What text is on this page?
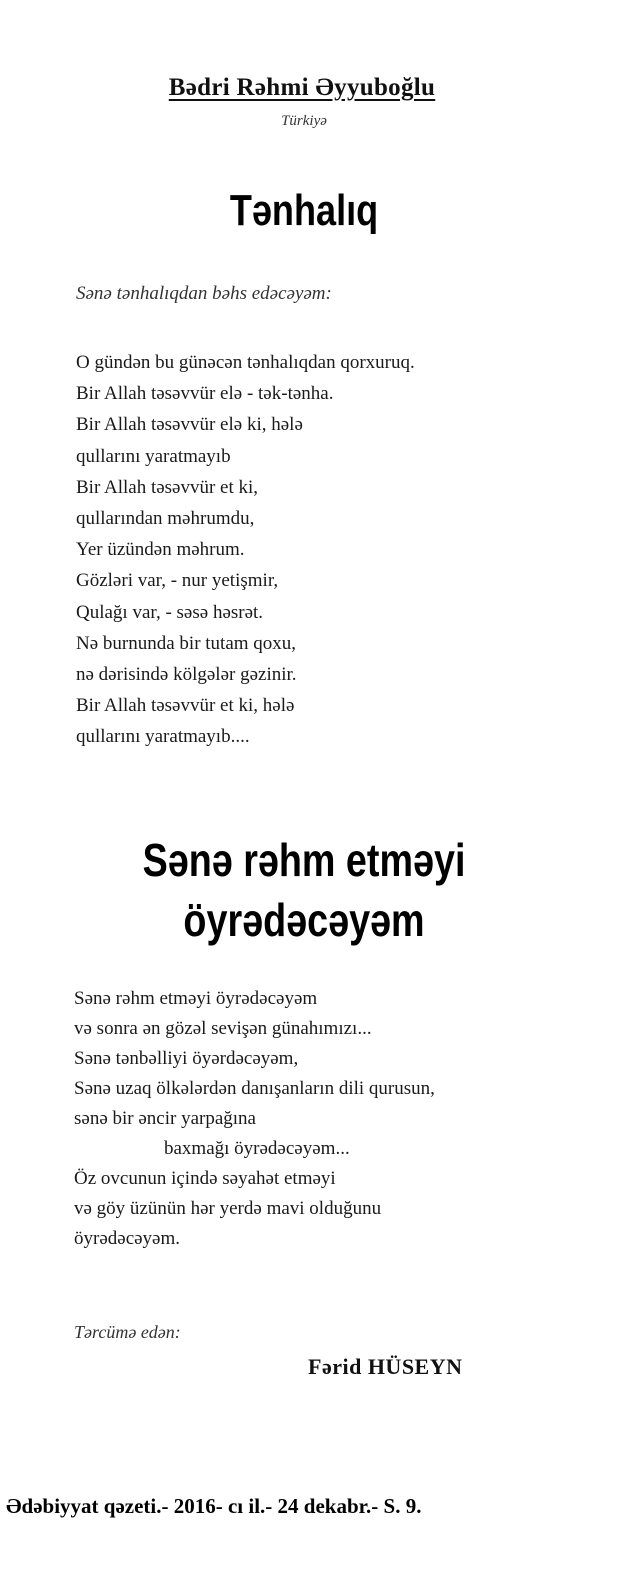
Bədri Rəhmi Əyyuboğlu
Türkiyə
Tənhalıq
Sənə tənhalıqdan bəhs edəcəyəm:
O gündən bu günəcən tənhalıqdan qorxuruq.
Bir Allah təsəvvür elə - tək-tənha.
Bir Allah təsəvvür elə ki, hələ
qullarını yaratmayıb
Bir Allah təsəvvür et ki,
qullarından məhrumdu,
Yer üzündən məhrum.
Gözləri var, - nur yetişmir,
Qulağı var, - səsə həsrət.
Nə burnunda bir tutam qoxu,
nə dərisində kölgələr gəzinir.
Bir Allah təsəvvür et ki, hələ
qullarını yaratmayıb....
Sənə rəhm etməyi
öyrədəcəyəm
Sənə rəhm etməyi öyrədəcəyəm
və sonra ən gözəl sevişən günahımızı...
Sənə tənbəlliyi öyərdəcəyəm,
Sənə uzaq ölkələrdən danışanların dili qurusun,
sənə bir əncir yarpağına
baxmağı öyrədəcəyəm...
Öz ovcunun içində səyahət etməyi
və göy üzünün hər yerdə mavi olduğunu
öyrədəcəyəm.
Tərcümə edən:
Fərid HÜSEYN
Ədəbiyyat qəzeti.- 2016- cı il.- 24 dekabr.- S. 9.
